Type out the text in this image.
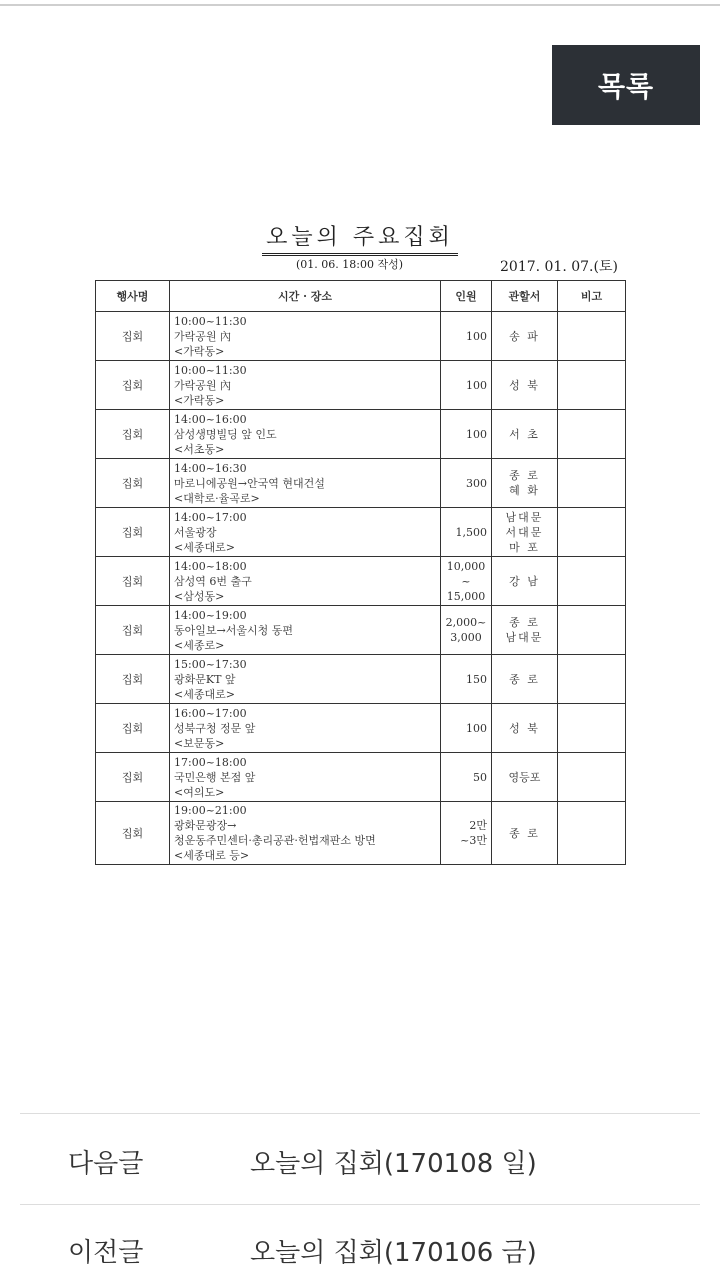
목록
오늘의 주요집회
(01. 06. 18:00 작성)	2017. 01. 07.(토)
행사명	시간 · 장소	인원	관할서	비고
집회	10:00~11:30
가락공원 內
<가락동>	100	송 파	
집회	10:00~11:30
가락공원 內
<가락동>	100	성 북	
집회	14:00~16:00
삼성생명빌딩 앞 인도
<서초동>	100	서 초	
집회	14:00~16:30
마로니에공원→안국역 현대건설
<대학로·율곡로>	300	종 로
혜 화	
집회	14:00~17:00
서울광장
<세종대로>	1,500	남대문
서대문
마 포	
집회	14:00~18:00
삼성역 6번 출구
<삼성동>	10,000
~
15,000	강 남	
집회	14:00~19:00
동아일보→서울시청 동편
<세종로>	2,000~
3,000	종 로
남대문	
집회	15:00~17:30
광화문KT 앞
<세종대로>	150	종 로	
집회	16:00~17:00
성북구청 정문 앞
<보문동>	100	성 북	
집회	17:00~18:00
국민은행 본점 앞
<여의도>	50	영등포	
집회	19:00~21:00
광화문광장→
청운동주민센터·총리공관·헌법재판소 방면
<세종대로 등>	2만
~3만	종 로	
다음글	오늘의 집회(170108 일)
이전글	오늘의 집회(170106 금)
